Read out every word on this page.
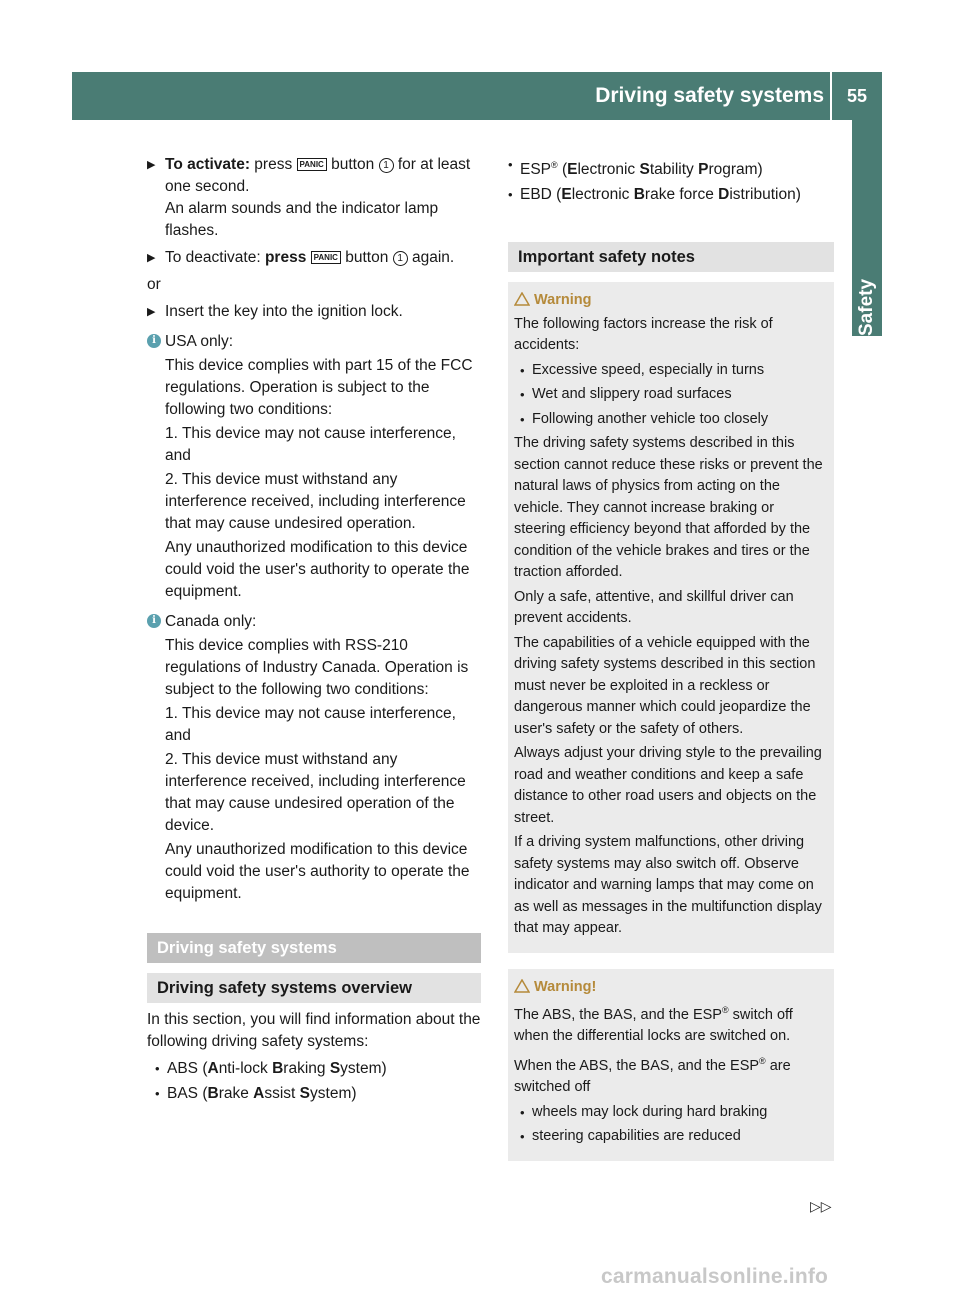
Driving safety systems	55
Safety
▶ To activate: press PANIC button 1 for at least one second.
An alarm sounds and the indicator lamp flashes.
▶ To deactivate: press PANIC button 1 again.
or
▶ Insert the key into the ignition lock.
i USA only:

This device complies with part 15 of the FCC regulations. Operation is subject to the following two conditions:

1. This device may not cause interference, and

2. This device must withstand any interference received, including interference that may cause undesired operation.

Any unauthorized modification to this device could void the user's authority to operate the equipment.

i Canada only:

This device complies with RSS-210 regulations of Industry Canada. Operation is subject to the following two conditions:

1. This device may not cause interference, and

2. This device must withstand any interference received, including interference that may cause undesired operation of the device.

Any unauthorized modification to this device could void the user's authority to operate the equipment.

Driving safety systems
Driving safety systems overview
In this section, you will find information about the following driving safety systems:
• ABS (Anti-lock Braking System)
• BAS (Brake Assist System)
• ESP® (Electronic Stability Program)
• EBD (Electronic Brake force Distribution)
Important safety notes
Warning

The following factors increase the risk of accidents:

• Excessive speed, especially in turns
• Wet and slippery road surfaces
• Following another vehicle too closely

The driving safety systems described in this section cannot reduce these risks or prevent the natural laws of physics from acting on the vehicle. They cannot increase braking or steering efficiency beyond that afforded by the condition of the vehicle brakes and tires or the traction afforded.

Only a safe, attentive, and skillful driver can prevent accidents.

The capabilities of a vehicle equipped with the driving safety systems described in this section must never be exploited in a reckless or dangerous manner which could jeopardize the user's safety or the safety of others.

Always adjust your driving style to the prevailing road and weather conditions and keep a safe distance to other road users and objects on the street.

If a driving system malfunctions, other driving safety systems may also switch off. Observe indicator and warning lamps that may come on as well as messages in the multifunction display that may appear.

Warning!

The ABS, the BAS, and the ESP® switch off when the differential locks are switched on.

When the ABS, the BAS, and the ESP® are switched off

• wheels may lock during hard braking
• steering capabilities are reduced
▷▷
carmanualsonline.info
